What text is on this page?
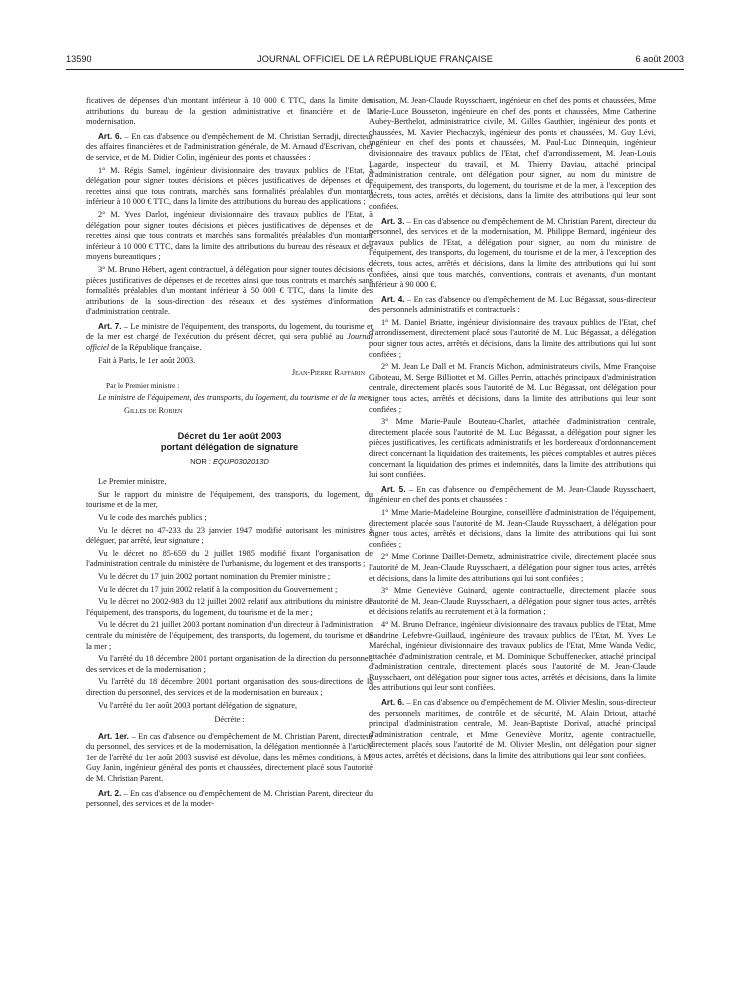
13590	JOURNAL OFFICIEL DE LA RÉPUBLIQUE FRANÇAISE	6 août 2003

ficatives de dépenses d'un montant inférieur à 10 000 € TTC, dans la limite des attributions du bureau de la gestion administrative et financière et de la modernisation.

Art. 6. – En cas d'absence ou d'empêchement de M. Christian Serradji, directeur des affaires financières et de l'administration générale, de M. Arnaud d'Escrivan, chef de service, et de M. Didier Colin, ingénieur des ponts et chaussées :

1° M. Régis Samel, ingénieur divisionnaire des travaux publics de l'Etat, à délégation pour signer toutes décisions et pièces justificatives de dépenses et de recettes ainsi que tous contrats, marchés sans formalités préalables d'un montant inférieur à 10 000 € TTC, dans la limite des attributions du bureau des applications ;

2° M. Yves Darlot, ingénieur divisionnaire des travaux publics de l'Etat, à délégation pour signer toutes décisions et pièces justificatives de dépenses et de recettes ainsi que tous contrats et marchés sans formalités préalables d'un montant inférieur à 10 000 € TTC, dans la limite des attributions du bureau des réseaux et des moyens bureautiques ;

3° M. Bruno Hébert, agent contractuel, à délégation pour signer toutes décisions et pièces justificatives de dépenses et de recettes ainsi que tous contrats et marchés sans formalités préalables d'un montant inférieur à 50 000 € TTC, dans la limite des attributions de la sous-direction des réseaux et des systèmes d'information d'administration centrale.

Art. 7. – Le ministre de l'équipement, des transports, du logement, du tourisme et de la mer est chargé de l'exécution du présent décret, qui sera publié au Journal officiel de la République française.

Fait à Paris, le 1er août 2003.

Jean-Pierre Raffarin

Par le Premier ministre :

Le ministre de l'équipement, des transports, du logement, du tourisme et de la mer,

Gilles de Robien

Décret du 1er août 2003
portant délégation de signature

NOR : EQUP0302013D

Le Premier ministre,

Sur le rapport du ministre de l'équipement, des transports, du logement, du tourisme et de la mer,

Vu le code des marchés publics ;

Vu le décret no 47-233 du 23 janvier 1947 modifié autorisant les ministres à déléguer, par arrêté, leur signature ;

Vu le décret no 85-659 du 2 juillet 1985 modifié fixant l'organisation de l'administration centrale du ministère de l'urbanisme, du logement et des transports ;

Vu le décret du 17 juin 2002 portant nomination du Premier ministre ;

Vu le décret du 17 juin 2002 relatif à la composition du Gouvernement ;

Vu le décret no 2002-983 du 12 juillet 2002 relatif aux attributions du ministre de l'équipement, des transports, du logement, du tourisme et de la mer ;

Vu le décret du 21 juillet 2003 portant nomination d'un directeur à l'administration centrale du ministère de l'équipement, des transports, du logement, du tourisme et de la mer ;

Vu l'arrêté du 18 décembre 2001 portant organisation de la direction du personnel, des services et de la modernisation ;

Vu l'arrêté du 18 décembre 2001 portant organisation des sous-directions de la direction du personnel, des services et de la modernisation en bureaux ;

Vu l'arrêté du 1er août 2003 portant délégation de signature,

Décrète :

Art. 1er. – En cas d'absence ou d'empêchement de M. Christian Parent, directeur du personnel, des services et de la modernisation, la délégation mentionnée à l'article 1er de l'arrêté du 1er août 2003 susvisé est dévolue, dans les mêmes conditions, à M. Guy Janin, ingénieur général des ponts et chaussées, directement placé sous l'autorité de M. Christian Parent.

Art. 2. – En cas d'absence ou d'empêchement de M. Christian Parent, directeur du personnel, des services et de la moder-

nisation, M. Jean-Claude Ruysschaert, ingénieur en chef des ponts et chaussées, Mme Marie-Luce Bousseton, ingénieure en chef des ponts et chaussées, Mme Catherine Aubey-Berthelot, administratrice civile, M. Gilles Gauthier, ingénieur des ponts et chaussées, M. Xavier Piechaczyk, ingénieur des ponts et chaussées, M. Guy Lévi, ingénieur en chef des ponts et chaussées, M. Paul-Luc Dinnequin, ingénieur divisionnaire des travaux publics de l'Etat, chef d'arrondissement, M. Jean-Louis Lagarde, inspecteur du travail, et M. Thierry Daviau, attaché principal d'administration centrale, ont délégation pour signer, au nom du ministre de l'équipement, des transports, du logement, du tourisme et de la mer, à l'exception des décrets, tous actes, arrêtés et décisions, dans la limite des attributions qui leur sont confiées.

Art. 3. – En cas d'absence ou d'empêchement de M. Christian Parent, directeur du personnel, des services et de la modernisation, M. Philippe Bernard, ingénieur des travaux publics de l'Etat, a délégation pour signer, au nom du ministre de l'équipement, des transports, du logement, du tourisme et de la mer, à l'exception des décrets, tous actes, arrêtés et décisions, dans la limite des attributions qui lui sont confiées, ainsi que tous marchés, conventions, contrats et avenants, d'un montant inférieur à 90 000 €.

Art. 4. – En cas d'absence ou d'empêchement de M. Luc Bégassat, sous-directeur des personnels administratifs et contractuels :

1° M. Daniel Briatte, ingénieur divisionnaire des travaux publics de l'Etat, chef d'arrondissement, directement placé sous l'autorité de M. Luc Bégassat, a délégation pour signer tous actes, arrêtés et décisions, dans la limite des attributions qui lui sont confiées ;

2° M. Jean Le Dall et M. Francis Michon, administrateurs civils, Mme Françoise Giboteau, M. Serge Billiottet et M. Gilles Perrin, attachés principaux d'administration centrale, directement placés sous l'autorité de M. Luc Bégassat, ont délégation pour signer tous actes, arrêtés et décisions, dans la limite des attributions qui leur sont confiées ;

3° Mme Marie-Paule Bouteau-Charlet, attachée d'administration centrale, directement placée sous l'autorité de M. Luc Bégassat, a délégation pour signer les pièces justificatives, les certificats administratifs et les bordereaux d'ordonnancement direct concernant la liquidation des traitements, les pièces comptables et autres pièces concernant la liquidation des primes et indemnités, dans la limite des attributions qui lui sont confiées.

Art. 5. – En cas d'absence ou d'empêchement de M. Jean-Claude Ruysschaert, ingénieur en chef des ponts et chaussées :

1° Mme Marie-Madeleine Bourgine, conseillère d'administration de l'équipement, directement placée sous l'autorité de M. Jean-Claude Ruysschaert, à délégation pour signer tous actes, arrêtés et décisions, dans la limite des attributions qui lui sont confiées ;

2° Mme Corinne Daillet-Demetz, administratrice civile, directement placée sous l'autorité de M. Jean-Claude Ruysschaert, a délégation pour signer tous actes, arrêtés et décisions, dans la limite des attributions qui lui sont confiées ;

3° Mme Geneviève Guinard, agente contractuelle, directement placée sous l'autorité de M. Jean-Claude Ruysschaert, a délégation pour signer tous actes, arrêtés et décisions relatifs au recrutement et à la formation ;

4° M. Bruno Defrance, ingénieur divisionnaire des travaux publics de l'Etat, Mme Sandrine Lefebvre-Guillaud, ingénieure des travaux publics de l'Etat, M. Yves Le Maréchal, ingénieur divisionnaire des travaux publics de l'Etat, Mme Wanda Vedic, attachée d'administration centrale, et M. Dominique Schuffenecker, attaché principal d'administration centrale, directement placés sous l'autorité de M. Jean-Claude Ruysschaert, ont délégation pour signer tous actes, arrêtés et décisions, dans la limite des attributions qui leur sont confiées.

Art. 6. – En cas d'absence ou d'empêchement de M. Olivier Meslin, sous-directeur des personnels maritimes, de contrôle et de sécurité, M. Alain Driout, attaché principal d'administration centrale, M. Jean-Baptiste Dorival, attaché principal d'administration centrale, et Mme Geneviève Moritz, agente contractuelle, directement placés sous l'autorité de M. Olivier Meslin, ont délégation pour signer tous actes, arrêtés et décisions, dans la limite des attributions qui leur sont confiées.
